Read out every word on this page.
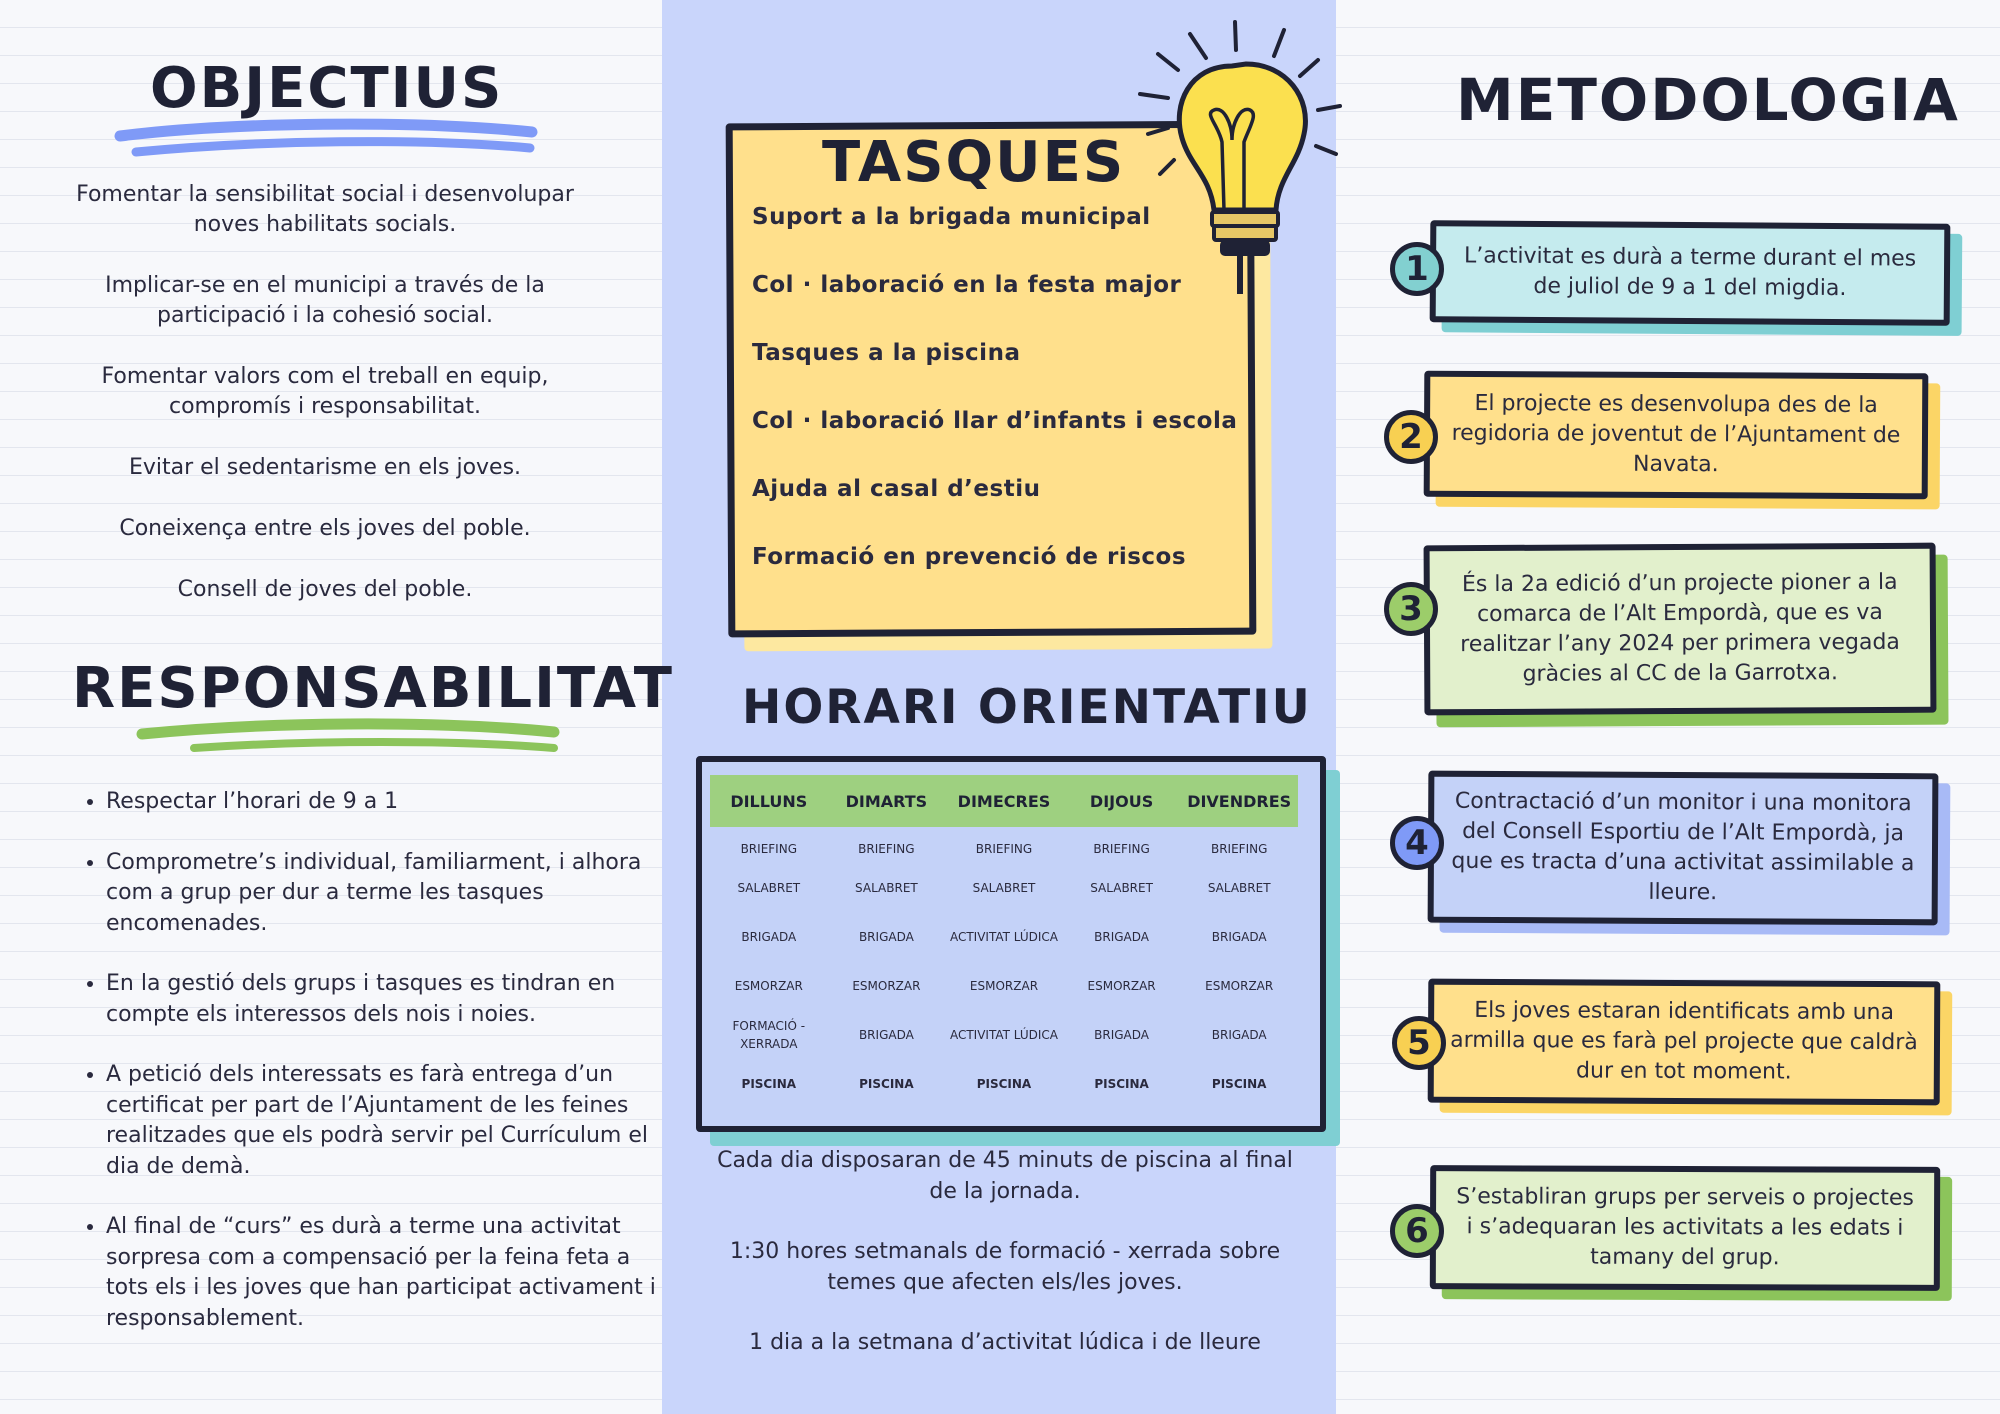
OBJECTIUS

Fomentar la sensibilitat social i desenvolupar noves habilitats socials.

Implicar-se en el municipi a través de la participació i la cohesió social.

Fomentar valors com el treball en equip, compromís i responsabilitat.

Evitar el sedentarisme en els joves.

Coneixença entre els joves del poble.

Consell de joves del poble.

RESPONSABILITAT
• Respectar l’horari de 9 a 1
• Comprometre’s individual, familiarment, i alhora com a grup per dur a terme les tasques encomenades.
• En la gestió dels grups i tasques es tindran en compte els interessos dels nois i noies.
• A petició dels interessats es farà entrega d’un certificat per part de l’Ajuntament de les feines realitzades que els podrà servir pel Currículum el dia de demà.
• Al final de “curs” es durà a terme una activitat sorpresa com a compensació per la feina feta a tots els i les joves que han participat activament i responsablement.
TASQUES
Suport a la brigada municipal
Col · laboració en la festa major
Tasques a la piscina
Col · laboració llar d’infants i escola
Ajuda al casal d’estiu
Formació en prevenció de riscos
HORARI ORIENTATIU
DILLUNS	DIMARTS	DIMECRES	DIJOUS	DIVENDRES
BRIEFING	BRIEFING	BRIEFING	BRIEFING	BRIEFING
SALABRET	SALABRET	SALABRET	SALABRET	SALABRET
BRIGADA	BRIGADA	ACTIVITAT LÚDICA	BRIGADA	BRIGADA
ESMORZAR	ESMORZAR	ESMORZAR	ESMORZAR	ESMORZAR
FORMACIÓ - XERRADA	BRIGADA	ACTIVITAT LÚDICA	BRIGADA	BRIGADA
PISCINA	PISCINA	PISCINA	PISCINA	PISCINA

Cada dia disposaran de 45 minuts de piscina al final de la jornada.

1:30 hores setmanals de formació - xerrada sobre temes que afecten els/les joves.

1 dia a la setmana d’activitat lúdica i de lleure

METODOLOGIA
L’activitat es durà a terme durant el mes de juliol de 9 a 1 del migdia.
1
El projecte es desenvolupa des de la regidoria de joventut de l’Ajuntament de Navata.
2
És la 2a edició d’un projecte pioner a la comarca de l’Alt Empordà, que es va realitzar l’any 2024 per primera vegada gràcies al CC de la Garrotxa.
3
Contractació d’un monitor i una monitora del Consell Esportiu de l’Alt Empordà, ja que es tracta d’una activitat assimilable a lleure.
4
Els joves estaran identificats amb una armilla que es farà pel projecte que caldrà dur en tot moment.
5
S’establiran grups per serveis o projectes i s’adequaran les activitats a les edats i tamany del grup.
6
